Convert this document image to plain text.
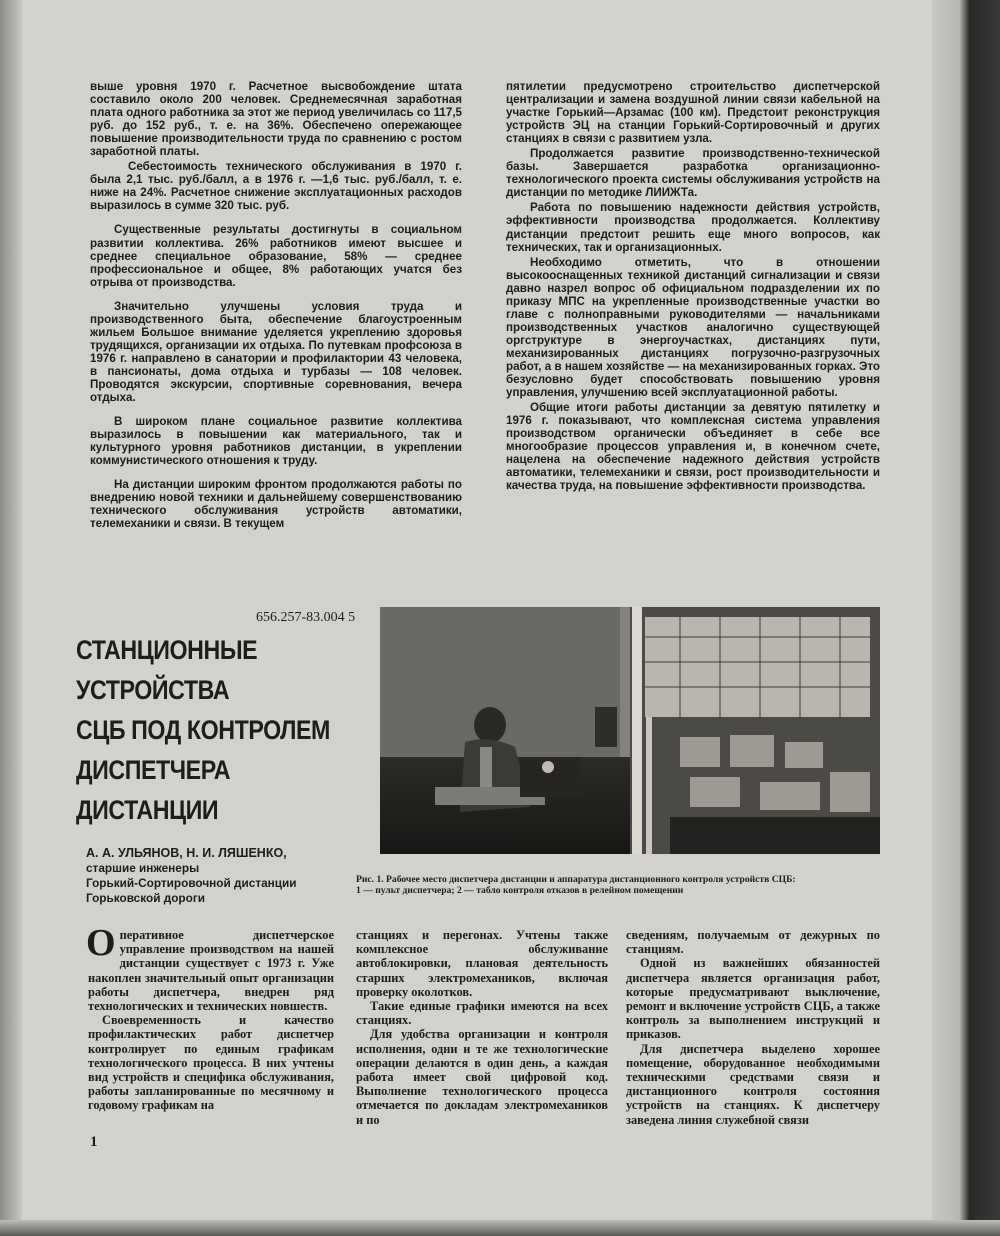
выше уровня 1970 г. Расчетное высвобождение штата составило около 200 человек. Среднемесячная заработная плата одного работника за этот же период увеличилась со 117,5 руб. до 152 руб., т. е. на 36%. Обеспечено опережающее повышение производительности труда по сравнению с ростом заработной платы.

Себестоимость технического обслуживания в 1970 г. была 2,1 тыс. руб./балл, а в 1976 г. —1,6 тыс. руб./балл, т. е. ниже на 24%. Расчетное снижение эксплуатационных расходов выразилось в сумме 320 тыс. руб.

Существенные результаты достигнуты в социальном развитии коллектива. 26% работников имеют высшее и среднее специальное образование, 58% — среднее профессиональное и общее, 8% работающих учатся без отрыва от производства.

Значительно улучшены условия труда и производственного быта, обеспечение благоустроенным жильем Большое внимание уделяется укреплению здоровья трудящихся, организации их отдыха. По путевкам профсоюза в 1976 г. направлено в санатории и профилактории 43 человека, в пансионаты, дома отдыха и турбазы — 108 человек. Проводятся экскурсии, спортивные соревнования, вечера отдыха.

В широком плане социальное развитие коллектива выразилось в повышении как материального, так и культурного уровня работников дистанции, в укреплении коммунистического отношения к труду.

На дистанции широким фронтом продолжаются работы по внедрению новой техники и дальнейшему совершенствованию технического обслуживания устройств автоматики, телемеханики и связи. В текущем

пятилетии предусмотрено строительство диспетчерской централизации и замена воздушной линии связи кабельной на участке Горький—Арзамас (100 км). Предстоит реконструкция устройств ЭЦ на станции Горький-Сортировочный и других станциях в связи с развитием узла.

Продолжается развитие производственно-технической базы. Завершается разработка организационно-технологического проекта системы обслуживания устройств на дистанции по методике ЛИИЖТа.

Работа по повышению надежности действия устройств, эффективности производства продолжается. Коллективу дистанции предстоит решить еще много вопросов, как технических, так и организационных.

Необходимо отметить, что в отношении высокооснащенных техникой дистанций сигнализации и связи давно назрел вопрос об официальном подразделении их по приказу МПС на укрепленные производственные участки во главе с полноправными руководителями — начальниками производственных участков аналогично существующей оргструктуре в энергоучастках, дистанциях пути, механизированных дистанциях погрузочно-разгрузочных работ, а в нашем хозяйстве — на механизированных горках. Это безусловно будет способствовать повышению уровня управления, улучшению всей эксплуатационной работы.

Общие итоги работы дистанции за девятую пятилетку и 1976 г. показывают, что комплексная система управления производством органически объединяет в себе все многообразие процессов управления и, в конечном счете, нацелена на обеспечение надежного действия устройств автоматики, телемеханики и связи, рост производительности и качества труда, на повышение эффективности производства.

656.257-83.004 5
СТАНЦИОННЫЕ
УСТРОЙСТВА
СЦБ ПОД КОНТРОЛЕМ
ДИСПЕТЧЕРА
ДИСТАНЦИИ
А. А. УЛЬЯНОВ, Н. И. ЛЯШЕНКО,
старшие инженеры
Горький-Сортировочной дистанции
Горьковской дороги
Рис. 1. Рабочее место диспетчера дистанции и аппаратура дистанционного контроля устройств СЦБ:
1 — пульт диспетчера; 2 — табло контроля отказов в релейном помещении

Оперативное диспетчерское управление производством на нашей дистанции существует с 1973 г. Уже накоплен значительный опыт организации работы диспетчера, внедрен ряд технологических и технических новшеств.

Своевременность и качество профилактических работ диспетчер контролирует по единым графикам технологического процесса. В них учтены вид устройств и специфика обслуживания, работы запланированные по месячному и годовому графикам на

станциях и перегонах. Учтены также комплексное обслуживание автоблокировки, плановая деятельность старших электромехаников, включая проверку околотков.

Такие единые графики имеются на всех станциях.

Для удобства организации и контроля исполнения, одни и те же технологические операции делаются в один день, а каждая работа имеет свой цифровой код. Выполнение технологического процесса отмечается по докладам электромехаников и по

сведениям, получаемым от дежурных по станциям.

Одной из важнейших обязанностей диспетчера является организация работ, которые предусматривают выключение, ремонт и включение устройств СЦБ, а также контроль за выполнением инструкций и приказов.

Для диспетчера выделено хорошее помещение, оборудованное необходимыми техническими средствами связи и дистанционного контроля состояния устройств на станциях. К диспетчеру заведена линия служебной связи

1
